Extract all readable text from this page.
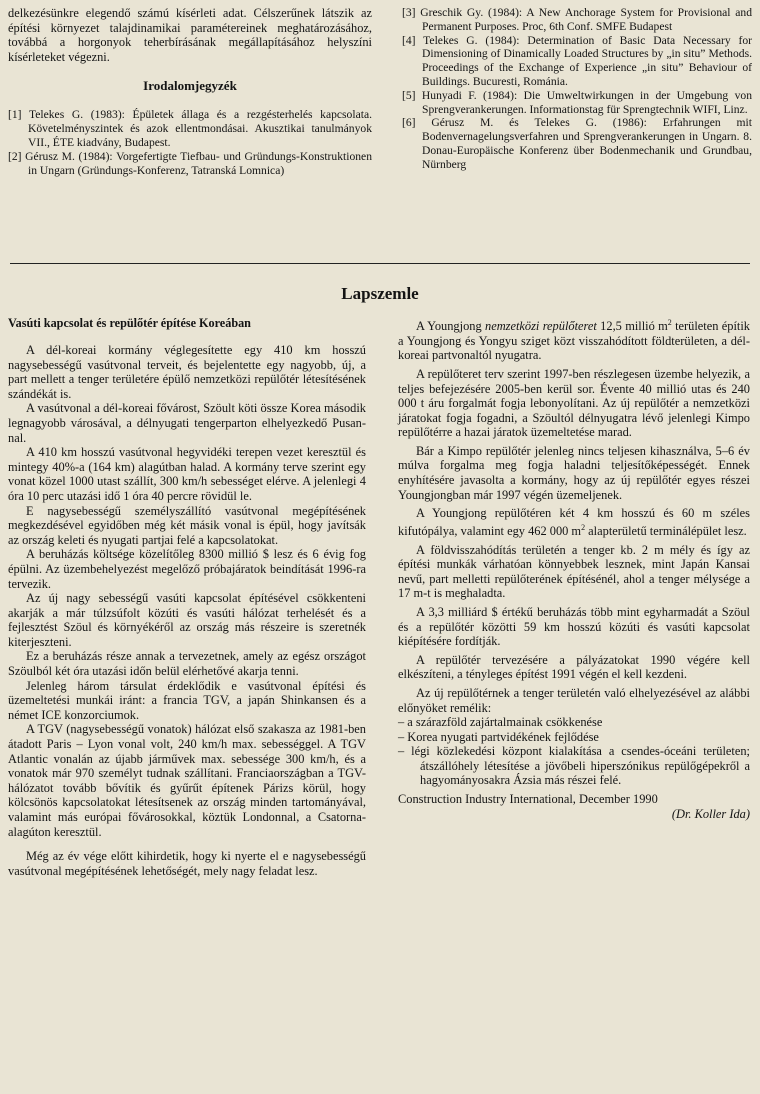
delkezésünkre elegendő számú kísérleti adat. Célszerűnek látszik az építési környezet talajdinamikai paramétereinek meghatározásához, továbbá a horgonyok teherbírásának megállapításához helyszíni kísérleteket végezni.

Irodalomjegyzék

[1] Telekes G. (1983): Épületek állaga és a rezgésterhelés kapcsolata. Követelményszintek és azok ellentmondásai. Akusztikai tanulmányok VII., ÉTE kiadvány, Budapest.

[2] Gérusz M. (1984): Vorgefertigte Tiefbau- und Gründungs-Konstruktionen in Ungarn (Gründungs-Konferenz, Tatranská Lomnica)

[3] Greschik Gy. (1984): A New Anchorage System for Provisional and Permanent Purposes. Proc, 6th Conf. SMFE Budapest

[4] Telekes G. (1984): Determination of Basic Data Necessary for Dimensioning of Dinamically Loaded Structures by „in situ” Methods. Proceedings of the Exchange of Experience „in situ” Behaviour of Buildings. Bucuresti, Románia.

[5] Hunyadi F. (1984): Die Umweltwirkungen in der Umgebung von Sprengverankerungen. Informationstag für Sprengtechnik WIFI, Linz.

[6] Gérusz M. és Telekes G. (1986): Erfahrungen mit Bodenvernagelungsverfahren und Sprengverankerungen in Ungarn. 8. Donau-Europäische Konferenz über Bodenmechanik und Grundbau, Nürnberg

Lapszemle

Vasúti kapcsolat és repülőtér építése Koreában

A dél-koreai kormány véglegesítette egy 410 km hosszú nagysebességű vasútvonal terveit, és bejelentette egy nagyobb, új, a part mellett a tenger területére épülő nemzetközi repülőtér létesítésének szándékát is.

A vasútvonal a dél-koreai fővárost, Szöult köti össze Korea második legnagyobb városával, a délnyugati tengerparton elhelyezkedő Pusan-nal.

A 410 km hosszú vasútvonal hegyvidéki terepen vezet keresztül és mintegy 40%-a (164 km) alagútban halad. A kormány terve szerint egy vonat közel 1000 utast szállít, 300 km/h sebességet elérve. A jelenlegi 4 óra 10 perc utazási idő 1 óra 40 percre rövidül le.

E nagysebességű személyszállító vasútvonal megépítésének megkezdésével egyidőben még két másik vonal is épül, hogy javítsák az ország keleti és nyugati partjai felé a kapcsolatokat.

A beruházás költsége közelítőleg 8300 millió $ lesz és 6 évig fog épülni. Az üzembehelyezést megelőző próbajáratok beindítását 1996-ra tervezik.

Az új nagy sebességű vasúti kapcsolat építésével csökkenteni akarják a már túlzsúfolt közúti és vasúti hálózat terhelését és a fejlesztést Szöul és környékéről az ország más részeire is szeretnék kiterjeszteni.

Ez a beruházás része annak a tervezetnek, amely az egész országot Szöulból két óra utazási időn belül elérhetővé akarja tenni.

Jelenleg három társulat érdeklődik e vasútvonal építési és üzemeltetési munkái iránt: a francia TGV, a japán Shinkansen és a német ICE konzorciumok.

A TGV (nagysebességű vonatok) hálózat első szakasza az 1981-ben átadott Paris – Lyon vonal volt, 240 km/h max. sebességgel. A TGV Atlantic vonalán az újabb járművek max. sebessége 300 km/h, és a vonatok már 970 személyt tudnak szállítani. Franciaországban a TGV-hálózatot tovább bővítik és gyűrűt építenek Párizs körül, hogy kölcsönös kapcsolatokat létesítsenek az ország minden tartományával, valamint más európai fővárosokkal, köztük Londonnal, a Csatorna-alagúton keresztül.

Még az év vége előtt kihirdetik, hogy ki nyerte el e nagysebességű vasútvonal megépítésének lehetőségét, mely nagy feladat lesz.

A Youngjong nemzetközi repülőteret 12,5 millió $m^2$ területen építik a Youngjong és Yongyu sziget közt visszahódított földterületen, a dél-koreai partvonaltól nyugatra.

A repülőteret terv szerint 1997-ben részlegesen üzembe helyezik, a teljes befejezésére 2005-ben kerül sor. Évente 40 millió utas és 240 000 t áru forgalmát fogja lebonyolítani. Az új repülőtér a nemzetközi járatokat fogja fogadni, a Szöultól délnyugatra lévő jelenlegi Kimpo repülőtérre a hazai járatok üzemeltetése marad.

Bár a Kimpo repülőtér jelenleg nincs teljesen kihasználva, 5–6 év múlva forgalma meg fogja haladni teljesítőképességét. Ennek enyhítésére javasolta a kormány, hogy az új repülőtér egyes részei Youngjongban már 1997 végén üzemeljenek.

A Youngjong repülőtéren két 4 km hosszú és 60 m széles kifutópálya, valamint egy 462 000 $m^2$ alapterületű terminálépület lesz.

A földvisszahódítás területén a tenger kb. 2 m mély és így az építési munkák várhatóan könnyebbek lesznek, mint Japán Kansai nevű, part melletti repülőterének építésénél, ahol a tenger mélysége a 17 m-t is meghaladta.

A 3,3 milliárd $ értékű beruházás több mint egyharmadát a Szöul és a repülőtér közötti 59 km hosszú közúti és vasúti kapcsolat kiépítésére fordítják.

A repülőtér tervezésére a pályázatokat 1990 végére kell elkészíteni, a tényleges építést 1991 végén el kell kezdeni.

Az új repülőtérnek a tenger területén való elhelyezésével az alábbi előnyöket remélik:

– a szárazföld zajártalmainak csökkenése

– Korea nyugati partvidékének fejlődése

– légi közlekedési központ kialakítása a csendes-óceáni területen; átszállóhely létesítése a jövőbeli hiperszónikus repülőgépekről a hagyományosakra Ázsia más részei felé.

Construction Industry International, December 1990

(Dr. Koller Ida)
